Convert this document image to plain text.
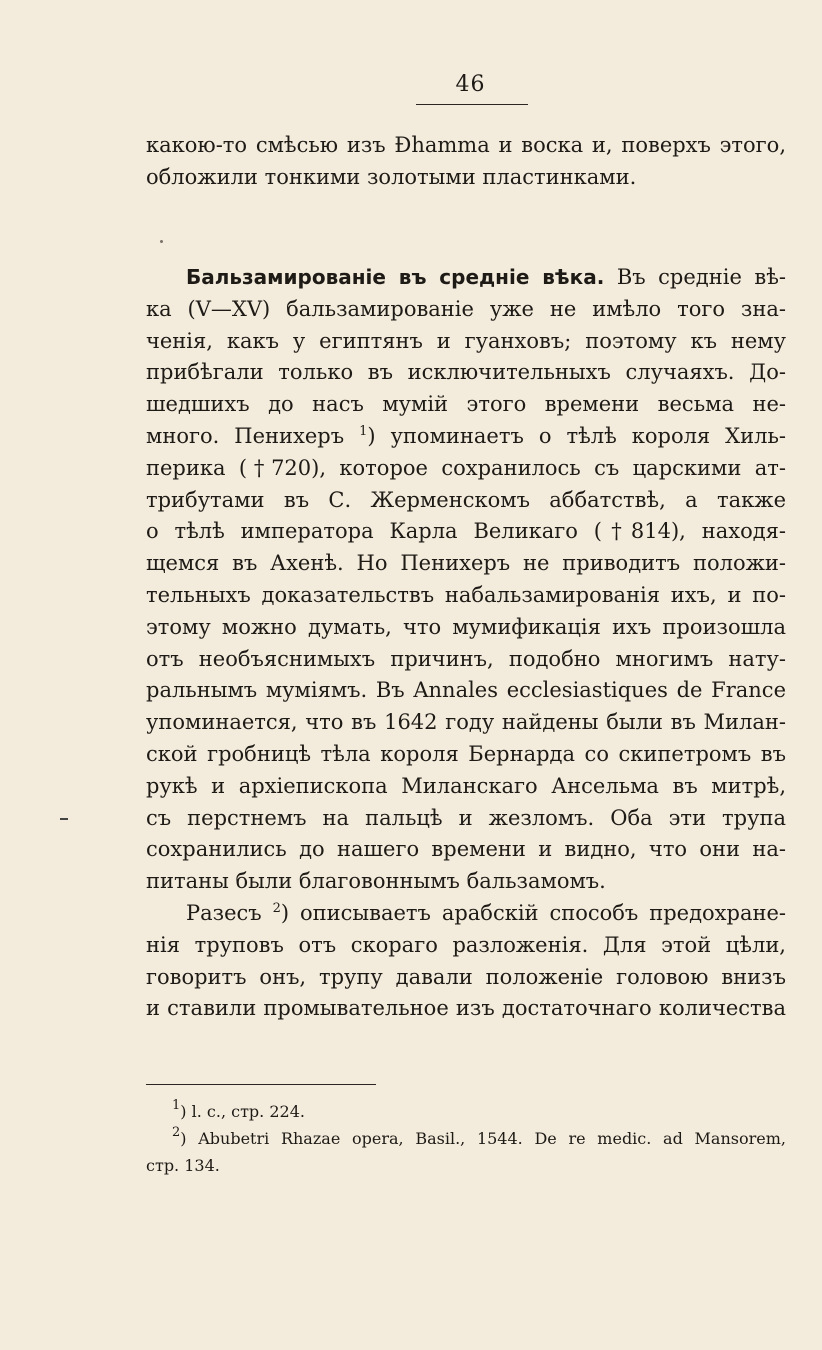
46
какою-то смѣсью изъ Ɖhamma и воска и, поверхъ этого,
обложили тонкими золотыми пластинками.
Бальзамированіе въ средніе вѣка. Въ средніе вѣ-
ка (V—XV) бальзамированіе уже не имѣло того зна-
ченія, какъ у египтянъ и гуанховъ; поэтому къ нему
прибѣгали только въ исключительныхъ случаяхъ. До-
шедшихъ до насъ мумій этого времени весьма не-
много. Пенихеръ $^1$) упоминаетъ о тѣлѣ короля Хиль-
перика (†720), которое сохранилось съ царскими ат-
трибутами въ С. Жерменскомъ аббатствѣ, а также
о тѣлѣ императора Карла Великаго (†814), находя-
щемся въ Ахенѣ. Но Пенихеръ не приводитъ положи-
тельныхъ доказательствъ набальзамированія ихъ, и по-
этому можно думать, что мумификація ихъ произошла
отъ необъяснимыхъ причинъ, подобно многимъ нату-
ральнымъ муміямъ. Въ Annales ecclesiastiques de France
упоминается, что въ 1642 году найдены были въ Милан-
ской гробницѣ тѣла короля Бернарда со скипетромъ въ
рукѣ и архіепископа Миланскаго Ансельма въ митрѣ,
съ перстнемъ на пальцѣ и жезломъ. Оба эти трупа
сохранились до нашего времени и видно, что они на-
питаны были благовоннымъ бальзамомъ.
Разесъ $^2$) описываетъ арабскій способъ предохране-
нія труповъ отъ скораго разложенія. Для этой цѣли,
говоритъ онъ, трупу давали положеніе головою внизъ
и ставили промывательное изъ достаточнаго количества
$^1$) l. c., стр. 224.
$^2$) Abubetri Rhazae opera, Basil., 1544. De re medic. ad Mansorem,
стр. 134.
